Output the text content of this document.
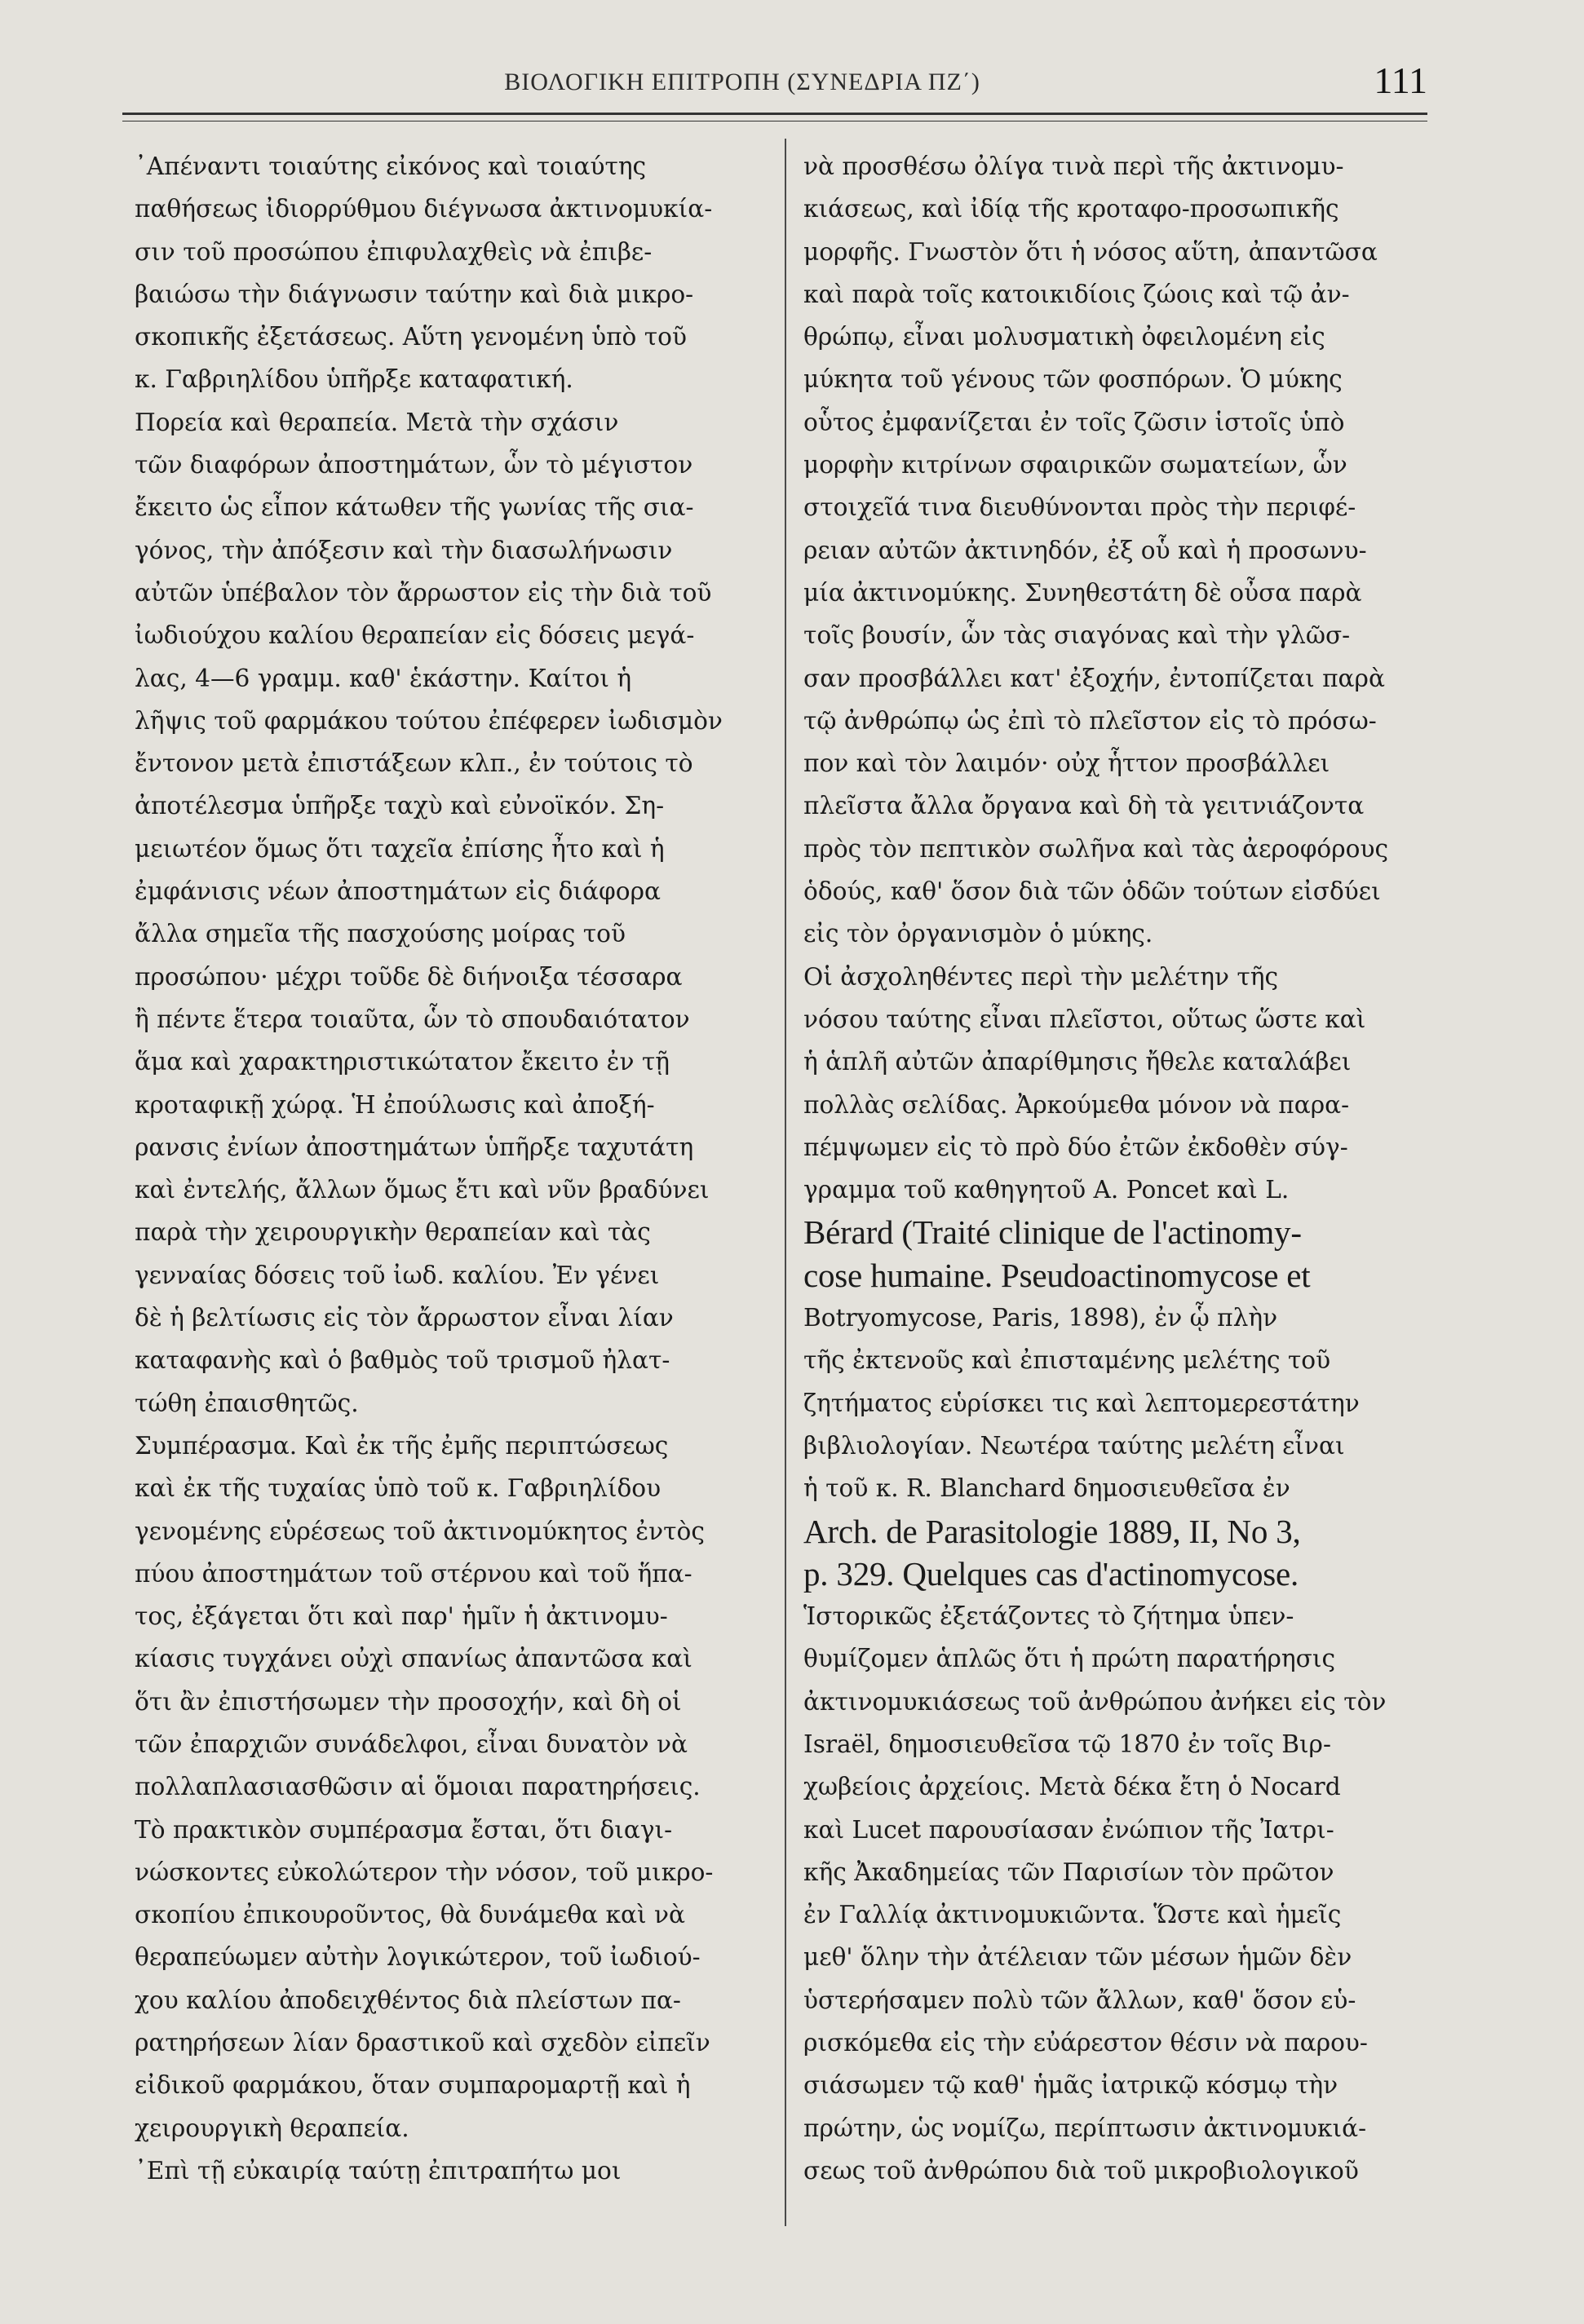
ΒΙΟΛΟΓΙΚΗ ΕΠΙΤΡΟΠΗ (ΣΥΝΕΔΡΙΑ ΠΖ΄)	111
᾿Απέναντι τοιαύτης εἰκόνος καὶ τοιαύτης
παθήσεως ἰδιορρύθμου διέγνωσα ἀκτινομυκία-
σιν τοῦ προσώπου ἐπιφυλαχθεὶς νὰ ἐπιβε-
βαιώσω τὴν διάγνωσιν ταύτην καὶ διὰ μικρο-
σκοπικῆς ἐξετάσεως. Αὕτη γενομένη ὑπὸ τοῦ
κ. Γαβριηλίδου ὑπῆρξε καταφατική.
Πορεία καὶ θεραπεία. Μετὰ τὴν σχάσιν
τῶν διαφόρων ἀποστημάτων, ὧν τὸ μέγιστον
ἔκειτο ὡς εἶπον κάτωθεν τῆς γωνίας τῆς σια-
γόνος, τὴν ἀπόξεσιν καὶ τὴν διασωλήνωσιν
αὐτῶν ὑπέβαλον τὸν ἄρρωστον εἰς τὴν διὰ τοῦ
ἰωδιούχου καλίου θεραπείαν εἰς δόσεις μεγά-
λας, 4—6 γραμμ. καθ' ἑκάστην. Καίτοι ἡ
λῆψις τοῦ φαρμάκου τούτου ἐπέφερεν ἰωδισμὸν
ἔντονον μετὰ ἐπιστάξεων κλπ., ἐν τούτοις τὸ
ἀποτέλεσμα ὑπῆρξε ταχὺ καὶ εὐνοϊκόν. Ση-
μειωτέον ὅμως ὅτι ταχεῖα ἐπίσης ἦτο καὶ ἡ
ἐμφάνισις νέων ἀποστημάτων εἰς διάφορα
ἄλλα σημεῖα τῆς πασχούσης μοίρας τοῦ
προσώπου· μέχρι τοῦδε δὲ διήνοιξα τέσσαρα
ἢ πέντε ἕτερα τοιαῦτα, ὧν τὸ σπουδαιότατον
ἅμα καὶ χαρακτηριστικώτατον ἔκειτο ἐν τῇ
κροταφικῇ χώρᾳ. Ἡ ἐπούλωσις καὶ ἀποξή-
ρανσις ἐνίων ἀποστημάτων ὑπῆρξε ταχυτάτη
καὶ ἐντελής, ἄλλων ὅμως ἔτι καὶ νῦν βραδύνει
παρὰ τὴν χειρουργικὴν θεραπείαν καὶ τὰς
γενναίας δόσεις τοῦ ἰωδ. καλίου. Ἐν γένει
δὲ ἡ βελτίωσις εἰς τὸν ἄρρωστον εἶναι λίαν
καταφανὴς καὶ ὁ βαθμὸς τοῦ τρισμοῦ ἠλατ-
τώθη ἐπαισθητῶς.
Συμπέρασμα. Καὶ ἐκ τῆς ἐμῆς περιπτώσεως
καὶ ἐκ τῆς τυχαίας ὑπὸ τοῦ κ. Γαβριηλίδου
γενομένης εὑρέσεως τοῦ ἀκτινομύκητος ἐντὸς
πύου ἀποστημάτων τοῦ στέρνου καὶ τοῦ ἥπα-
τος, ἐξάγεται ὅτι καὶ παρ' ἡμῖν ἡ ἀκτινομυ-
κίασις τυγχάνει οὐχὶ σπανίως ἀπαντῶσα καὶ
ὅτι ἂν ἐπιστήσωμεν τὴν προσοχήν, καὶ δὴ οἱ
τῶν ἐπαρχιῶν συνάδελφοι, εἶναι δυνατὸν νὰ
πολλαπλασιασθῶσιν αἱ ὅμοιαι παρατηρήσεις.
Τὸ πρακτικὸν συμπέρασμα ἔσται, ὅτι διαγι-
νώσκοντες εὐκολώτερον τὴν νόσον, τοῦ μικρο-
σκοπίου ἐπικουροῦντος, θὰ δυνάμεθα καὶ νὰ
θεραπεύωμεν αὐτὴν λογικώτερον, τοῦ ἰωδιού-
χου καλίου ἀποδειχθέντος διὰ πλείστων πα-
ρατηρήσεων λίαν δραστικοῦ καὶ σχεδὸν εἰπεῖν
εἰδικοῦ φαρμάκου, ὅταν συμπαρομαρτῇ καὶ ἡ
χειρουργικὴ θεραπεία.
᾿Επὶ τῇ εὐκαιρίᾳ ταύτῃ ἐπιτραπήτω μοι
νὰ προσθέσω ὀλίγα τινὰ περὶ τῆς ἀκτινομυ-
κιάσεως, καὶ ἰδίᾳ τῆς κροταφο-προσωπικῆς
μορφῆς. Γνωστὸν ὅτι ἡ νόσος αὕτη, ἀπαντῶσα
καὶ παρὰ τοῖς κατοικιδίοις ζώοις καὶ τῷ ἀν-
θρώπῳ, εἶναι μολυσματικὴ ὀφειλομένη εἰς
μύκητα τοῦ γένους τῶν φοσπόρων. Ὁ μύκης
οὗτος ἐμφανίζεται ἐν τοῖς ζῶσιν ἱστοῖς ὑπὸ
μορφὴν κιτρίνων σφαιρικῶν σωματείων, ὧν
στοιχεῖά τινα διευθύνονται πρὸς τὴν περιφέ-
ρειαν αὐτῶν ἀκτινηδόν, ἐξ οὗ καὶ ἡ προσωνυ-
μία ἀκτινομύκης. Συνηθεστάτη δὲ οὖσα παρὰ
τοῖς βουσίν, ὧν τὰς σιαγόνας καὶ τὴν γλῶσ-
σαν προσβάλλει κατ' ἐξοχήν, ἐντοπίζεται παρὰ
τῷ ἀνθρώπῳ ὡς ἐπὶ τὸ πλεῖστον εἰς τὸ πρόσω-
πον καὶ τὸν λαιμόν· οὐχ ἧττον προσβάλλει
πλεῖστα ἄλλα ὄργανα καὶ δὴ τὰ γειτνιάζοντα
πρὸς τὸν πεπτικὸν σωλῆνα καὶ τὰς ἀεροφόρους
ὁδούς, καθ' ὅσον διὰ τῶν ὁδῶν τούτων εἰσδύει
εἰς τὸν ὀργανισμὸν ὁ μύκης.
Οἱ ἀσχοληθέντες περὶ τὴν μελέτην τῆς
νόσου ταύτης εἶναι πλεῖστοι, οὕτως ὥστε καὶ
ἡ ἁπλῆ αὐτῶν ἀπαρίθμησις ἤθελε καταλάβει
πολλὰς σελίδας. Ἀρκούμεθα μόνον νὰ παρα-
πέμψωμεν εἰς τὸ πρὸ δύο ἐτῶν ἐκδοθὲν σύγ-
γραμμα τοῦ καθηγητοῦ A. Poncet καὶ L.
Bérard (Traité clinique de l'actinomy-
cose humaine. Pseudoactinomycose et
Botryomycose, Paris, 1898), ἐν ᾧ πλὴν
τῆς ἐκτενοῦς καὶ ἐπισταμένης μελέτης τοῦ
ζητήματος εὑρίσκει τις καὶ λεπτομερεστάτην
βιβλιολογίαν. Νεωτέρα ταύτης μελέτη εἶναι
ἡ τοῦ κ. R. Blanchard δημοσιευθεῖσα ἐν
Arch. de Parasitologie 1889, II, No 3,
p. 329. Quelques cas d'actinomycose.
Ἱστορικῶς ἐξετάζοντες τὸ ζήτημα ὑπεν-
θυμίζομεν ἁπλῶς ὅτι ἡ πρώτη παρατήρησις
ἀκτινομυκιάσεως τοῦ ἀνθρώπου ἀνήκει εἰς τὸν
Israël, δημοσιευθεῖσα τῷ 1870 ἐν τοῖς Βιρ-
χωβείοις ἀρχείοις. Μετὰ δέκα ἔτη ὁ Nocard
καὶ Lucet παρουσίασαν ἐνώπιον τῆς Ἰατρι-
κῆς Ἀκαδημείας τῶν Παρισίων τὸν πρῶτον
ἐν Γαλλίᾳ ἀκτινομυκιῶντα. Ὥστε καὶ ἡμεῖς
μεθ' ὅλην τὴν ἀτέλειαν τῶν μέσων ἡμῶν δὲν
ὑστερήσαμεν πολὺ τῶν ἄλλων, καθ' ὅσον εὑ-
ρισκόμεθα εἰς τὴν εὐάρεστον θέσιν νὰ παρου-
σιάσωμεν τῷ καθ' ἡμᾶς ἰατρικῷ κόσμῳ τὴν
πρώτην, ὡς νομίζω, περίπτωσιν ἀκτινομυκιά-
σεως τοῦ ἀνθρώπου διὰ τοῦ μικροβιολογικοῦ
